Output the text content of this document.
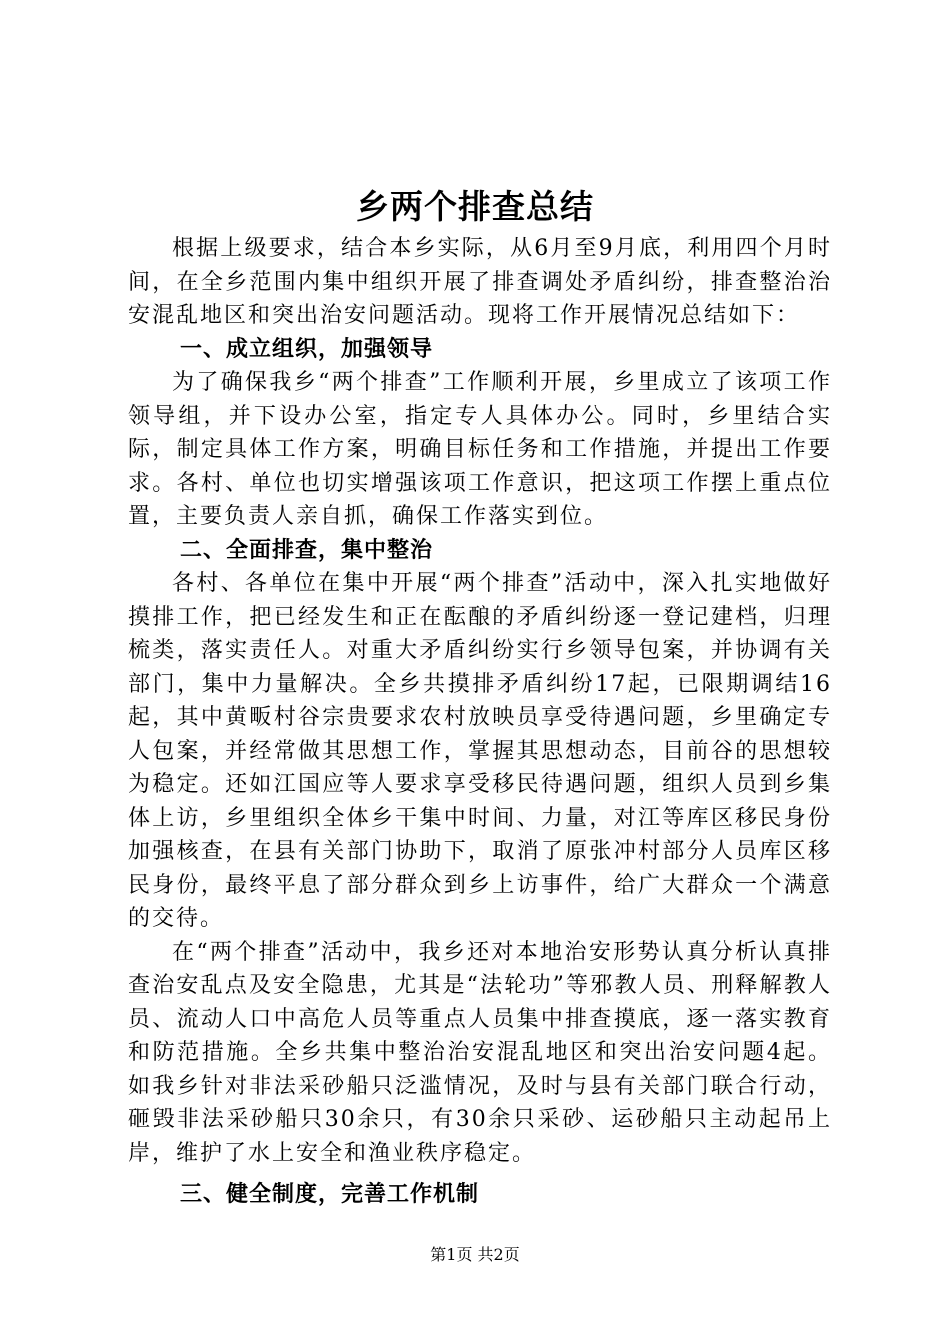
乡两个排查总结

根据上级要求，结合本乡实际，从6月至9月底，利用四个月时间，在全乡范围内集中组织开展了排查调处矛盾纠纷，排查整治治安混乱地区和突出治安问题活动。现将工作开展情况总结如下：

一、成立组织，加强领导

为了确保我乡“两个排查”工作顺利开展，乡里成立了该项工作领导组，并下设办公室，指定专人具体办公。同时，乡里结合实际，制定具体工作方案，明确目标任务和工作措施，并提出工作要求。各村、单位也切实增强该项工作意识，把这项工作摆上重点位置，主要负责人亲自抓，确保工作落实到位。

二、全面排查，集中整治

各村、各单位在集中开展“两个排查”活动中，深入扎实地做好摸排工作，把已经发生和正在酝酿的矛盾纠纷逐一登记建档，归理梳类，落实责任人。对重大矛盾纠纷实行乡领导包案，并协调有关部门，集中力量解决。全乡共摸排矛盾纠纷17起，已限期调结16起，其中黄畈村谷宗贵要求农村放映员享受待遇问题，乡里确定专人包案，并经常做其思想工作，掌握其思想动态，目前谷的思想较为稳定。还如江国应等人要求享受移民待遇问题，组织人员到乡集体上访，乡里组织全体乡干集中时间、力量，对江等库区移民身份加强核查，在县有关部门协助下，取消了原张冲村部分人员库区移民身份，最终平息了部分群众到乡上访事件，给广大群众一个满意的交待。

在“两个排查”活动中，我乡还对本地治安形势认真分析认真排查治安乱点及安全隐患，尤其是“法轮功”等邪教人员、刑释解教人员、流动人口中高危人员等重点人员集中排查摸底，逐一落实教育和防范措施。全乡共集中整治治安混乱地区和突出治安问题4起。如我乡针对非法采砂船只泛滥情况，及时与县有关部门联合行动，砸毁非法采砂船只30余只，有30余只采砂、运砂船只主动起吊上岸，维护了水上安全和渔业秩序稳定。

三、健全制度，完善工作机制

第1页 共2页
